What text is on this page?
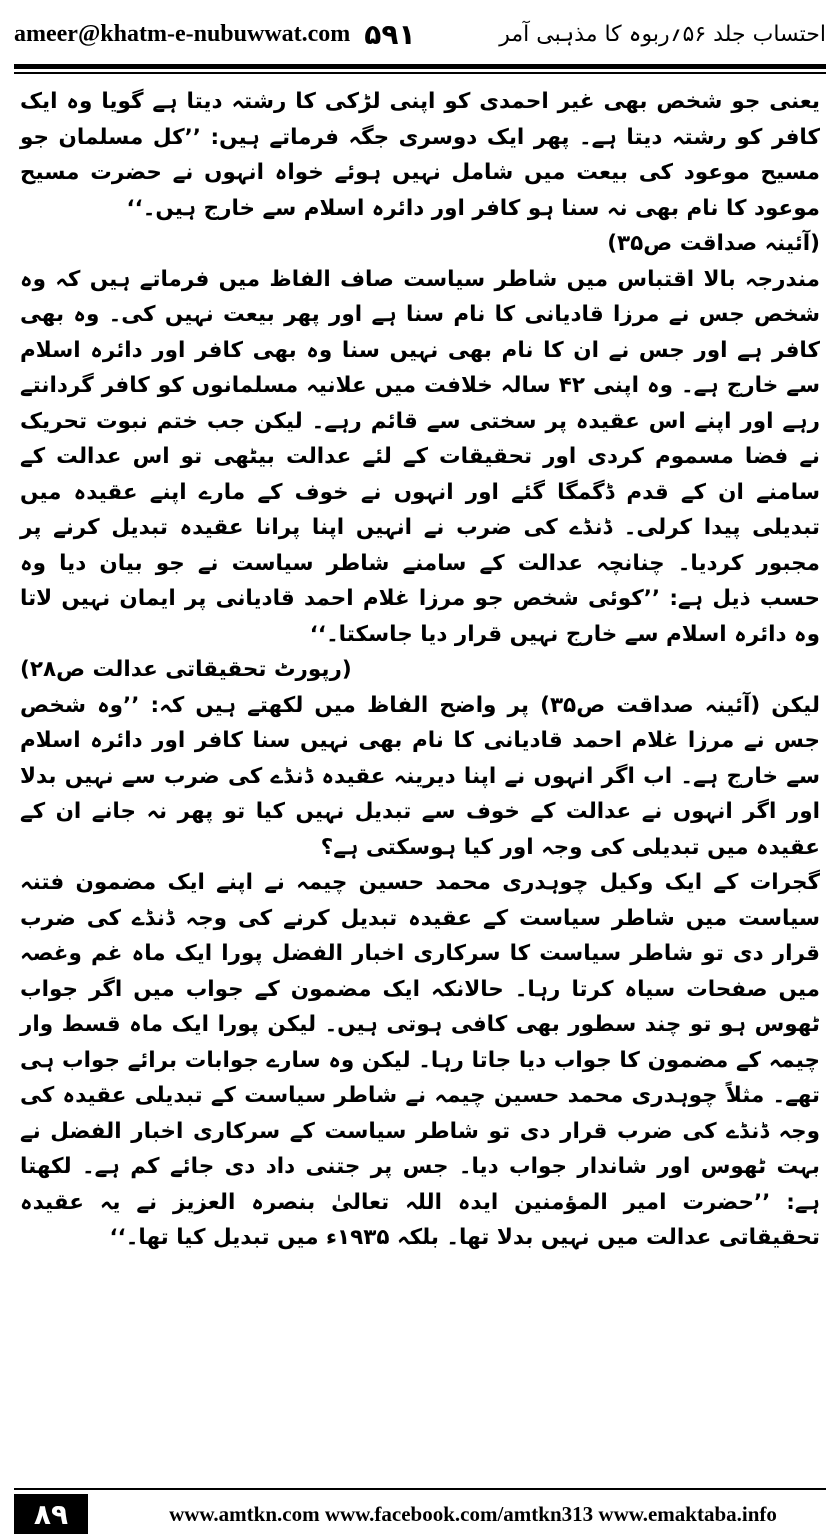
ameer@khatm-e-nubuwwat.com ۵۹۱	احتساب جلد ۵۶؍ربوہ کا مذہبی آمر

یعنی جو شخص بھی غیر احمدی کو اپنی لڑکی کا رشتہ دیتا ہے گویا وہ ایک کافر کو رشتہ دیتا ہے۔ پھر ایک دوسری جگہ فرماتے ہیں: ’’کل مسلمان جو مسیح موعود کی بیعت میں شامل نہیں ہوئے خواہ انہوں نے حضرت مسیح موعود کا نام بھی نہ سنا ہو کافر اور دائرہ اسلام سے خارج ہیں۔‘‘

(آئینہ صداقت ص۳۵)

مندرجہ بالا اقتباس میں شاطر سیاست صاف الفاظ میں فرماتے ہیں کہ وہ شخص جس نے مرزا قادیانی کا نام سنا ہے اور پھر بیعت نہیں کی۔ وہ بھی کافر ہے اور جس نے ان کا نام بھی نہیں سنا وہ بھی کافر اور دائرہ اسلام سے خارج ہے۔ وہ اپنی ۴۲ سالہ خلافت میں علانیہ مسلمانوں کو کافر گردانتے رہے اور اپنے اس عقیدہ پر سختی سے قائم رہے۔ لیکن جب ختم نبوت تحریک نے فضا مسموم کردی اور تحقیقات کے لئے عدالت بیٹھی تو اس عدالت کے سامنے ان کے قدم ڈگمگا گئے اور انہوں نے خوف کے مارے اپنے عقیدہ میں تبدیلی پیدا کرلی۔ ڈنڈے کی ضرب نے انہیں اپنا پرانا عقیدہ تبدیل کرنے پر مجبور کردیا۔ چنانچہ عدالت کے سامنے شاطر سیاست نے جو بیان دیا وہ حسب ذیل ہے: ’’کوئی شخص جو مرزا غلام احمد قادیانی پر ایمان نہیں لاتا وہ دائرہ اسلام سے خارج نہیں قرار دیا جاسکتا۔‘‘

(رپورٹ تحقیقاتی عدالت ص۲۸)

لیکن (آئینہ صداقت ص۳۵) پر واضح الفاظ میں لکھتے ہیں کہ: ’’وہ شخص جس نے مرزا غلام احمد قادیانی کا نام بھی نہیں سنا کافر اور دائرہ اسلام سے خارج ہے۔ اب اگر انہوں نے اپنا دیرینہ عقیدہ ڈنڈے کی ضرب سے نہیں بدلا اور اگر انہوں نے عدالت کے خوف سے تبدیل نہیں کیا تو پھر نہ جانے ان کے عقیدہ میں تبدیلی کی وجہ اور کیا ہوسکتی ہے؟

گجرات کے ایک وکیل چوہدری محمد حسین چیمہ نے اپنے ایک مضمون فتنہ سیاست میں شاطر سیاست کے عقیدہ تبدیل کرنے کی وجہ ڈنڈے کی ضرب قرار دی تو شاطر سیاست کا سرکاری اخبار الفضل پورا ایک ماہ غم وغصہ میں صفحات سیاہ کرتا رہا۔ حالانکہ ایک مضمون کے جواب میں اگر جواب ٹھوس ہو تو چند سطور بھی کافی ہوتی ہیں۔ لیکن پورا ایک ماہ قسط وار چیمہ کے مضمون کا جواب دیا جاتا رہا۔ لیکن وہ سارے جوابات برائے جواب ہی تھے۔ مثلاً چوہدری محمد حسین چیمہ نے شاطر سیاست کے تبدیلی عقیدہ کی وجہ ڈنڈے کی ضرب قرار دی تو شاطر سیاست کے سرکاری اخبار الفضل نے بہت ٹھوس اور شاندار جواب دیا۔ جس پر جتنی داد دی جائے کم ہے۔ لکھتا ہے: ’’حضرت امیر المؤمنین ایدہ اللہ تعالیٰ بنصرہ العزیز نے یہ عقیدہ تحقیقاتی عدالت میں نہیں بدلا تھا۔ بلکہ ۱۹۳۵ء میں تبدیل کیا تھا۔‘‘

۸۹	www.amtkn.com www.facebook.com/amtkn313 www.emaktaba.info
